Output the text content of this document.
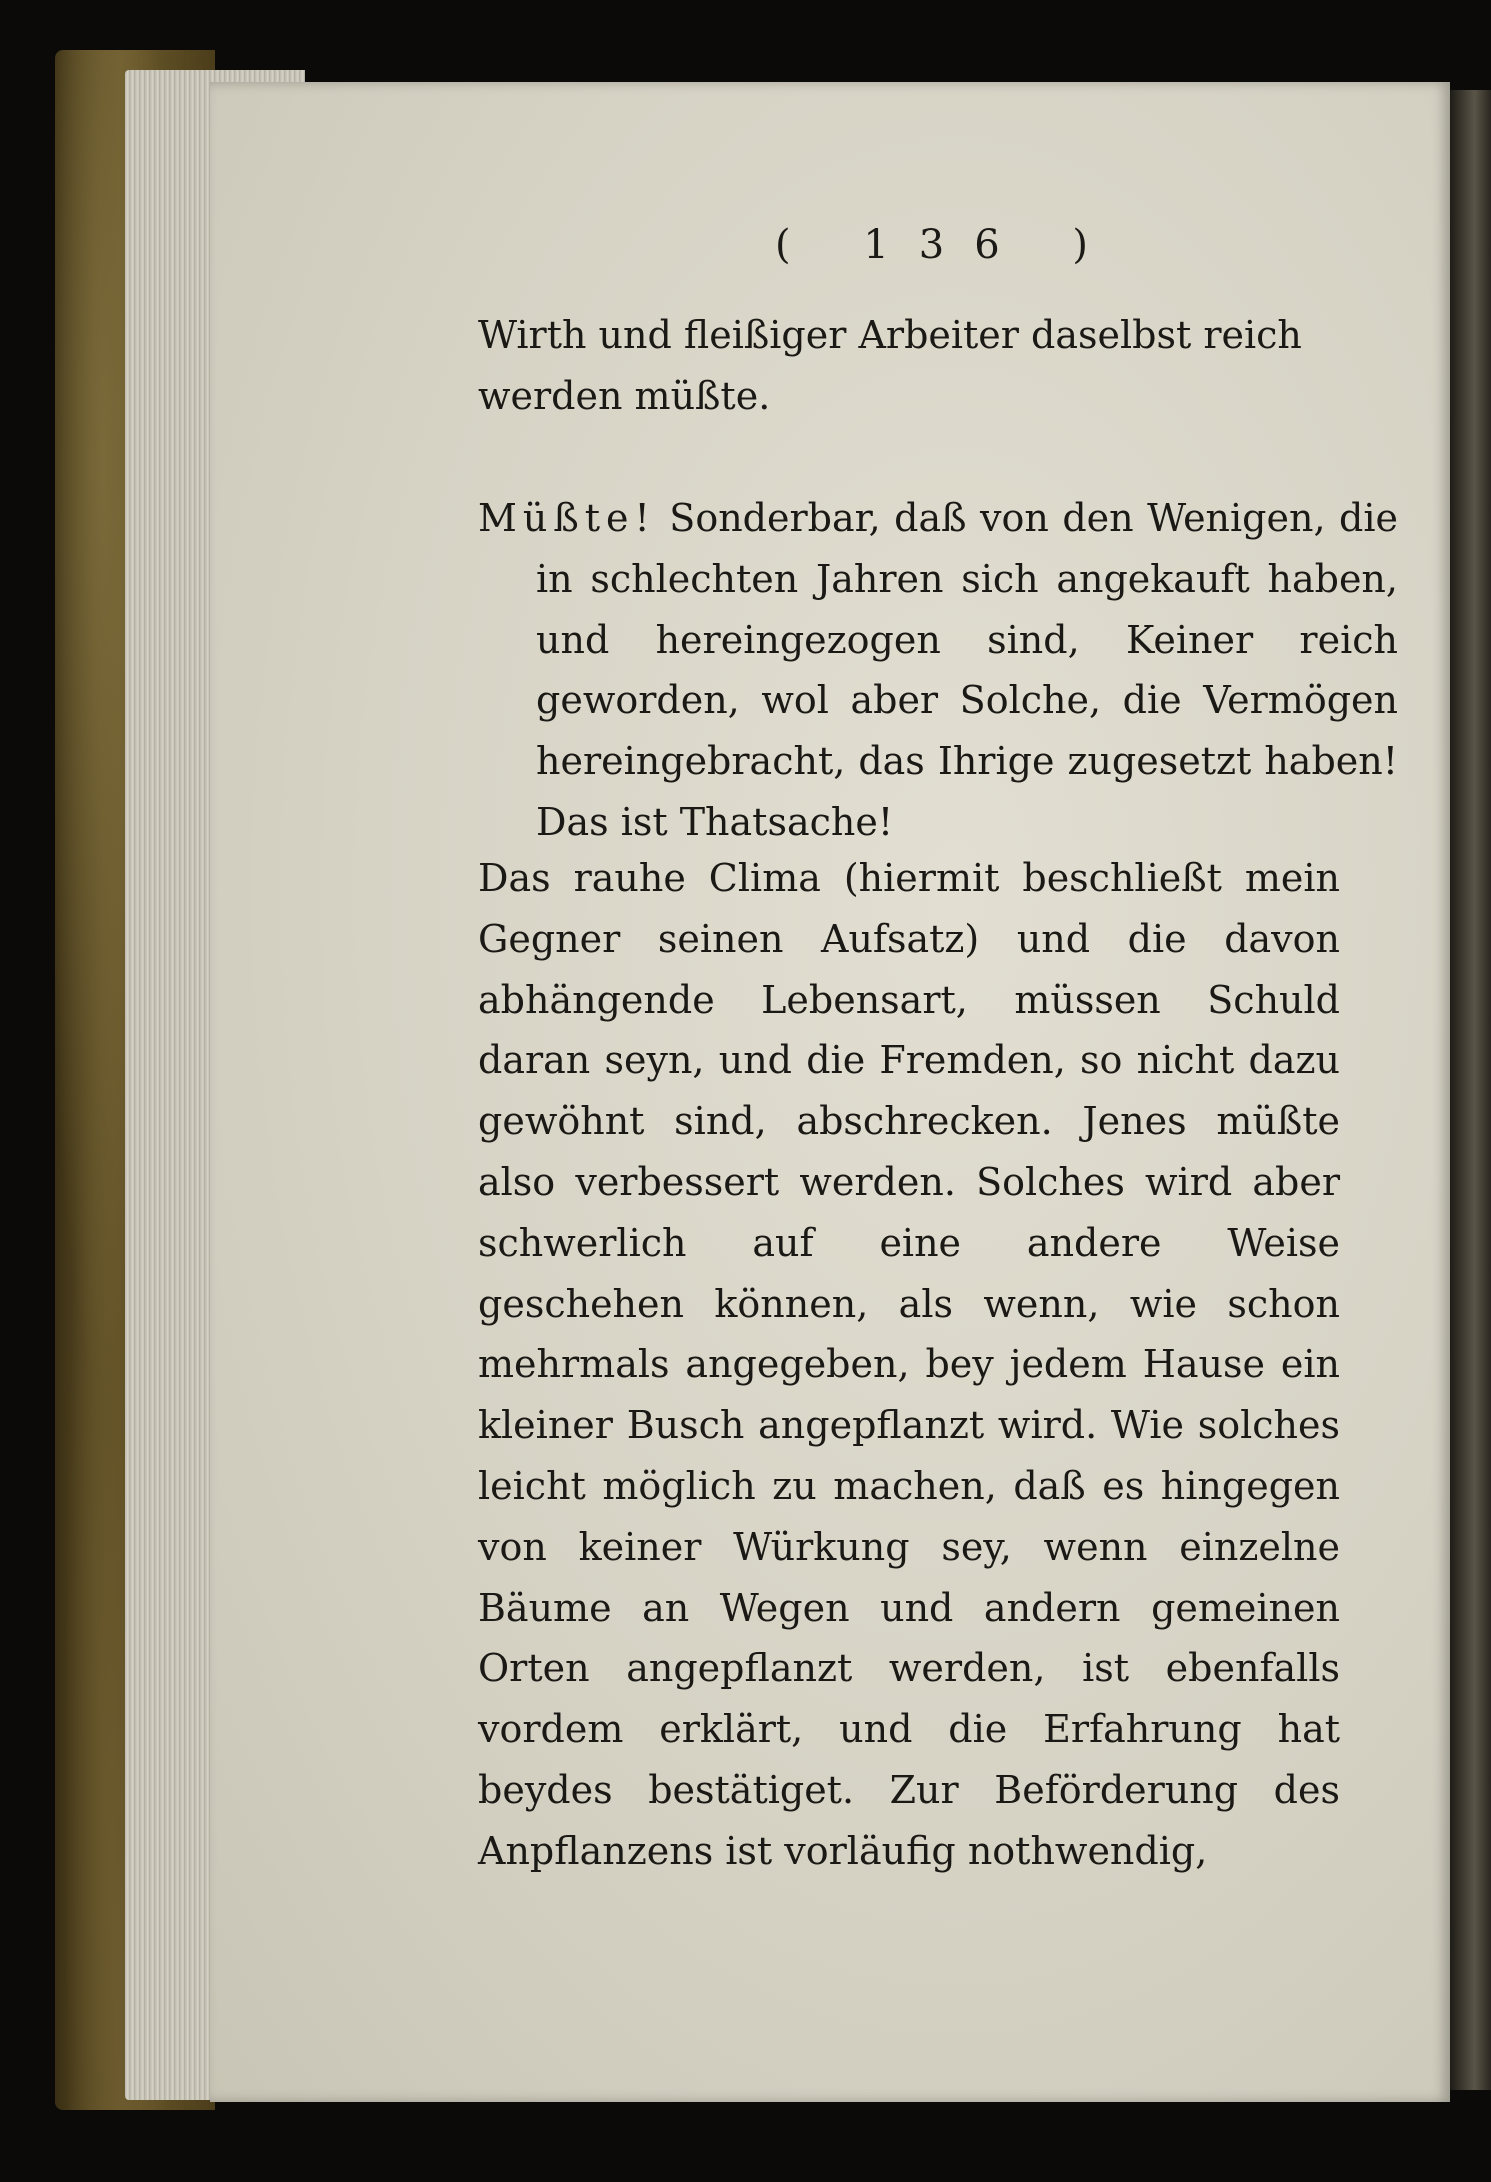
( 136 )
Wirth und fleißiger Arbeiter daselbst reich
werden müßte.
Müßte! Sonderbar, daß von den Wenigen, die in schlechten Jahren sich angekauft haben, und hereingezogen sind, Keiner reich geworden, wol aber Solche, die Vermögen hereingebracht, das Ihrige zugesetzt haben! Das ist Thatsache!
Das rauhe Clima (hiermit beschließt mein Gegner seinen Aufsatz) und die davon abhängende Lebensart, müssen Schuld daran seyn, und die Fremden, so nicht dazu gewöhnt sind, abschrecken. Jenes müßte also verbessert werden. Solches wird aber schwerlich auf eine andere Weise geschehen können, als wenn, wie schon mehrmals angegeben, bey jedem Hause ein kleiner Busch angepflanzt wird. Wie solches leicht möglich zu machen, daß es hingegen von keiner Würkung sey, wenn einzelne Bäume an Wegen und andern gemeinen Orten angepflanzt werden, ist ebenfalls vordem erklärt, und die Erfahrung hat beydes bestätiget. Zur Beförderung des Anpflanzens ist vorläufig nothwendig,
